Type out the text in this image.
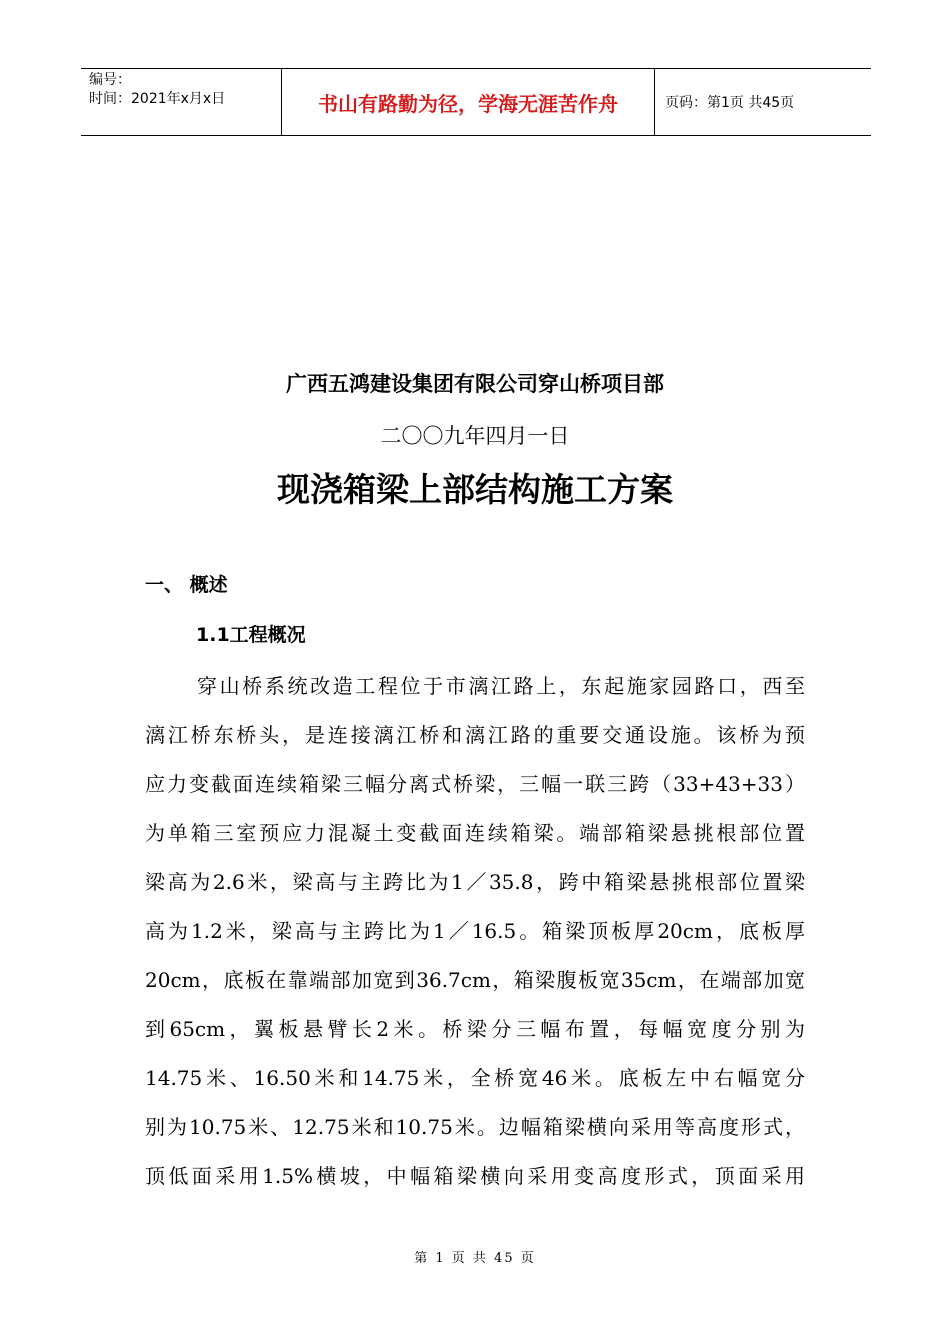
编号：
时间：2021年x月x日	书山有路勤为径，学海无涯苦作舟	页码：第1页 共45页
广西五鸿建设集团有限公司穿山桥项目部
二〇〇九年四月一日
现浇箱梁上部结构施工方案
一、 概述
1.1工程概况
穿山桥系统改造工程位于市漓江路上，东起施家园路口，西至
漓江桥东桥头，是连接漓江桥和漓江路的重要交通设施。该桥为预
应力变截面连续箱梁三幅分离式桥梁，三幅一联三跨（33+43+33）
为单箱三室预应力混凝土变截面连续箱梁。端部箱梁悬挑根部位置
梁高为2.6米，梁高与主跨比为1／35.8，跨中箱梁悬挑根部位置梁
高为1.2米，梁高与主跨比为1／16.5。箱梁顶板厚20cm，底板厚
20cm，底板在靠端部加宽到36.7cm，箱梁腹板宽35cm，在端部加宽
到65cm，翼板悬臂长2米。桥梁分三幅布置，每幅宽度分别为
14.75米、16.50米和14.75米，全桥宽46米。底板左中右幅宽分
别为10.75米、12.75米和10.75米。边幅箱梁横向采用等高度形式，
顶低面采用1.5%横坡，中幅箱梁横向采用变高度形式，顶面采用
第 1 页 共 45 页
